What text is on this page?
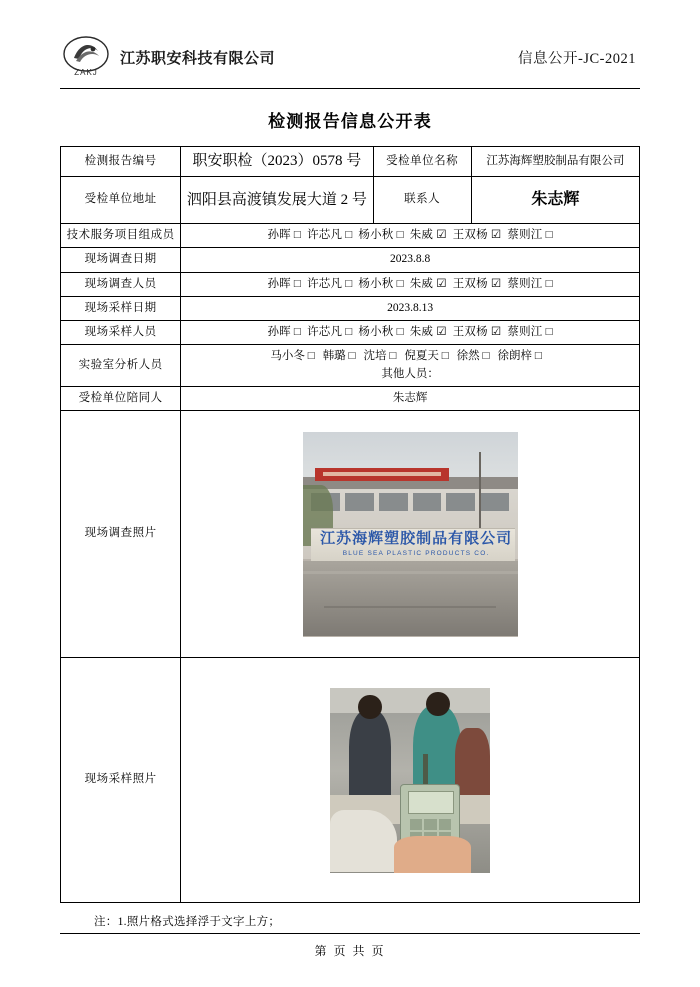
ZAKJ
江苏职安科技有限公司	信息公开-JC-2021
检测报告信息公开表
检测报告编号	职安职检（2023）0578 号	受检单位名称	江苏海辉塑胶制品有限公司
受检单位地址	泗阳县高渡镇发展大道 2 号	联系人	朱志辉
技术服务项目组成员	孙晖 □ 许芯凡 □ 杨小秋 □ 朱威 ☑ 王双杨 ☑ 蔡则江 □		
现场调查日期	2023.8.8		
现场调查人员	孙晖 □ 许芯凡 □ 杨小秋 □ 朱威 ☑ 王双杨 ☑ 蔡则江 □		
现场采样日期	2023.8.13		
现场采样人员	孙晖 □ 许芯凡 □ 杨小秋 □ 朱威 ☑ 王双杨 ☑ 蔡则江 □		
实验室分析人员	马小冬 □ 韩璐 □ 沈培 □ 倪夏天 □ 徐然 □ 徐朗梓 □
其他人员：		

受检单位陪同人	朱志辉		
现场调查照片	江苏海辉塑胶制品有限公司
BLUE SEA PLASTIC PRODUCTS CO.		

现场采样照片			
注：1.照片格式选择浮于文字上方；
第 页 共 页
